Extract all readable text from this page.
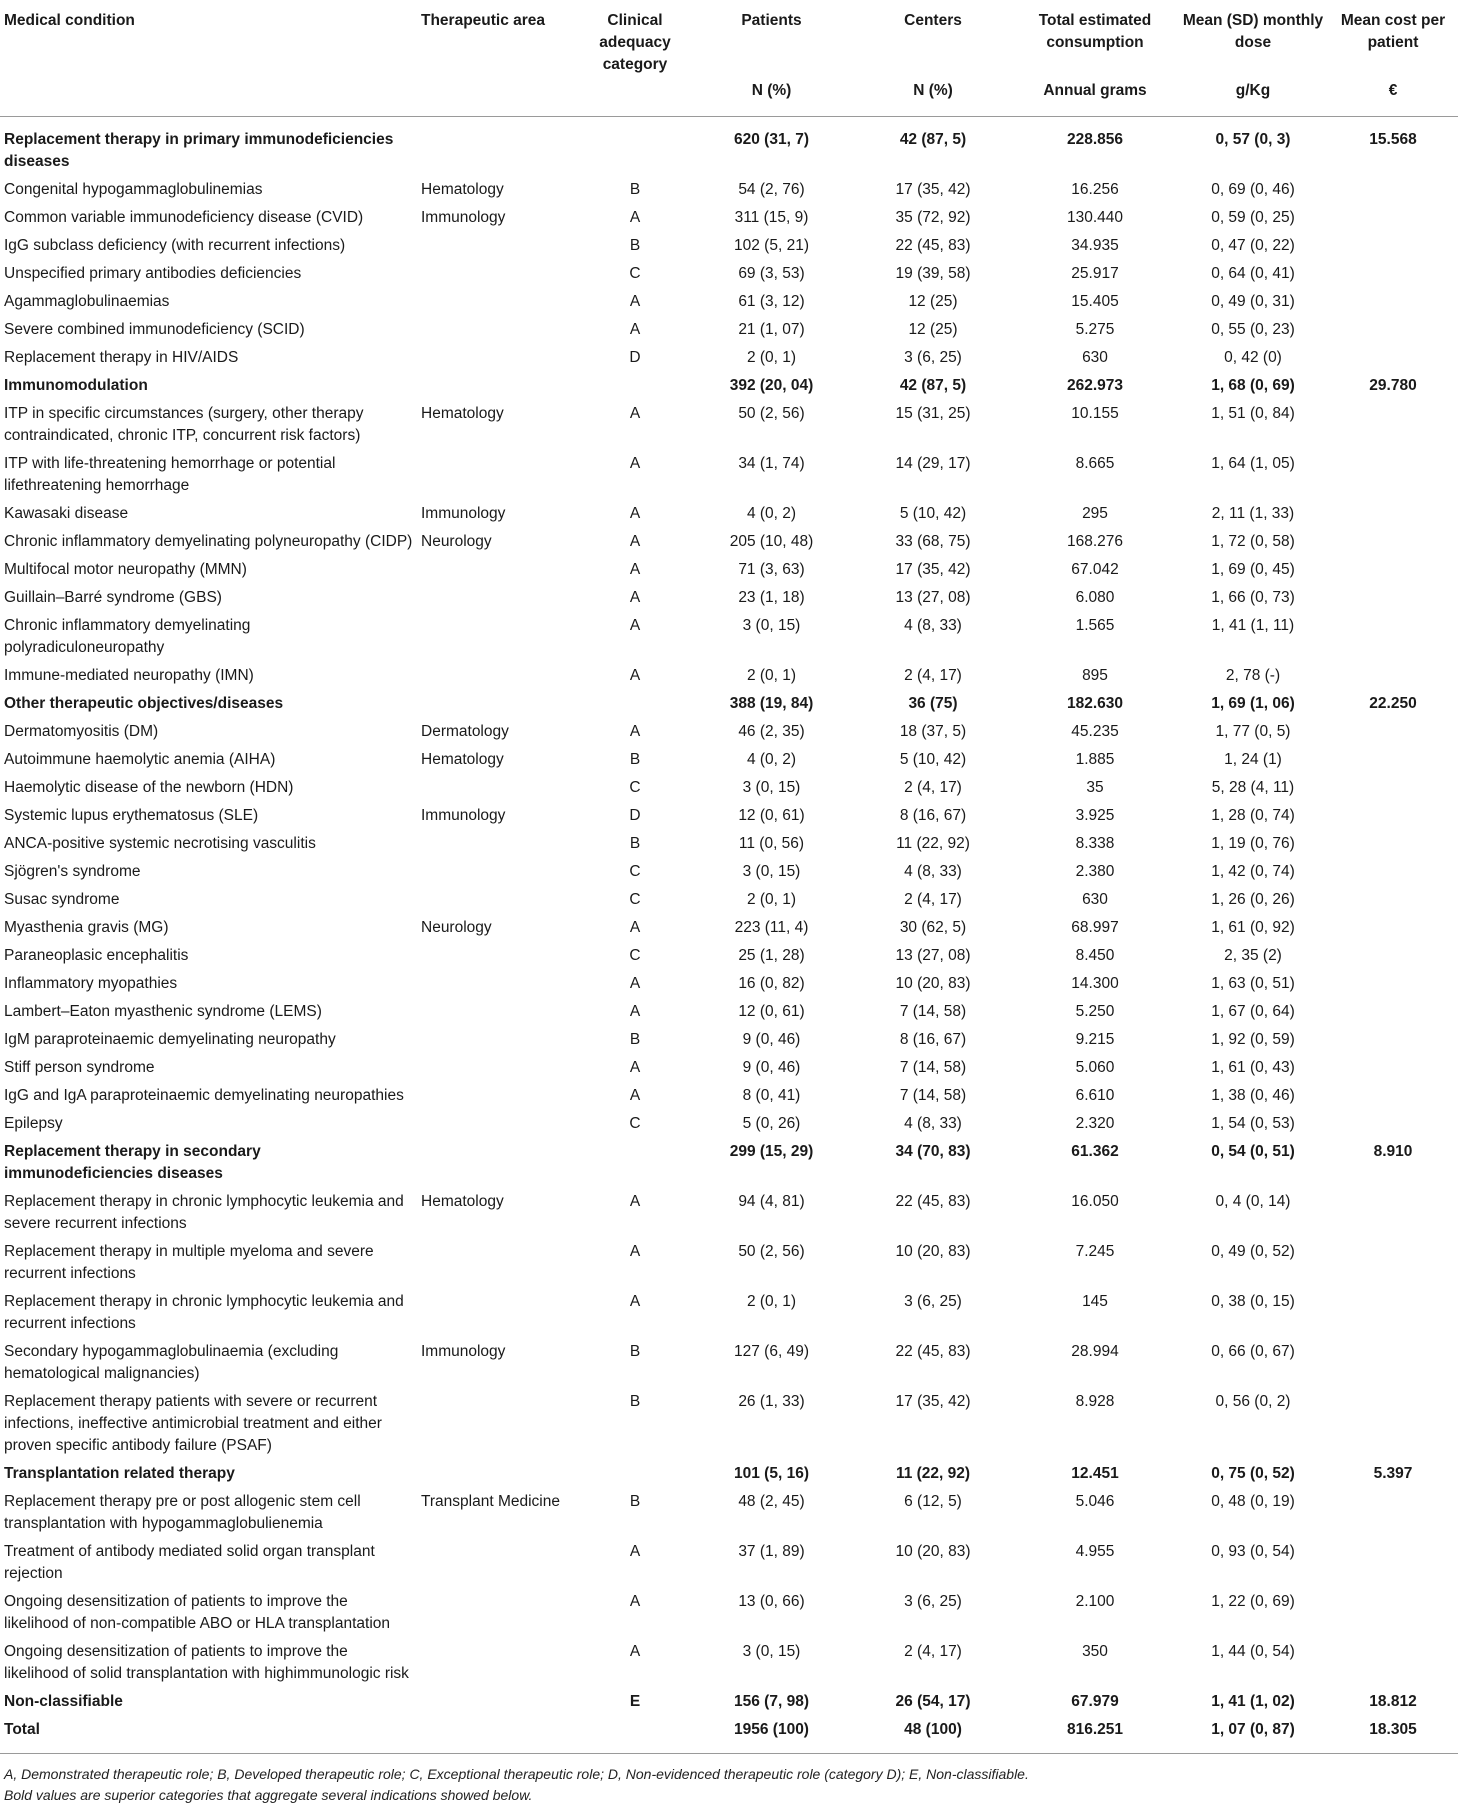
Medical condition	Therapeutic area	Clinical adequacy category	Patients	Centers	Total estimated consumption	Mean (SD) monthly dose	Mean cost per patient
			N (%)	N (%)	Annual grams	g/Kg	€
Replacement therapy in primary immunodeficiencies diseases			620 (31, 7)	42 (87, 5)	228.856	0, 57 (0, 3)	15.568
Congenital hypogammaglobulinemias	Hematology	B	54 (2, 76)	17 (35, 42)	16.256	0, 69 (0, 46)	
Common variable immunodeficiency disease (CVID)	Immunology	A	311 (15, 9)	35 (72, 92)	130.440	0, 59 (0, 25)	
IgG subclass deficiency (with recurrent infections)		B	102 (5, 21)	22 (45, 83)	34.935	0, 47 (0, 22)	
Unspecified primary antibodies deficiencies		C	69 (3, 53)	19 (39, 58)	25.917	0, 64 (0, 41)	
Agammaglobulinaemias		A	61 (3, 12)	12 (25)	15.405	0, 49 (0, 31)	
Severe combined immunodeficiency (SCID)		A	21 (1, 07)	12 (25)	5.275	0, 55 (0, 23)	
Replacement therapy in HIV/AIDS		D	2 (0, 1)	3 (6, 25)	630	0, 42 (0)	
Immunomodulation			392 (20, 04)	42 (87, 5)	262.973	1, 68 (0, 69)	29.780
ITP in specific circumstances (surgery, other therapy contraindicated, chronic ITP, concurrent risk factors)	Hematology	A	50 (2, 56)	15 (31, 25)	10.155	1, 51 (0, 84)	
ITP with life-threatening hemorrhage or potential lifethreatening hemorrhage		A	34 (1, 74)	14 (29, 17)	8.665	1, 64 (1, 05)	
Kawasaki disease	Immunology	A	4 (0, 2)	5 (10, 42)	295	2, 11 (1, 33)	
Chronic inflammatory demyelinating polyneuropathy (CIDP)	Neurology	A	205 (10, 48)	33 (68, 75)	168.276	1, 72 (0, 58)	
Multifocal motor neuropathy (MMN)		A	71 (3, 63)	17 (35, 42)	67.042	1, 69 (0, 45)	
Guillain–Barré syndrome (GBS)		A	23 (1, 18)	13 (27, 08)	6.080	1, 66 (0, 73)	
Chronic inflammatory demyelinating polyradiculoneuropathy		A	3 (0, 15)	4 (8, 33)	1.565	1, 41 (1, 11)	
Immune-mediated neuropathy (IMN)		A	2 (0, 1)	2 (4, 17)	895	2, 78 (-)	
Other therapeutic objectives/diseases			388 (19, 84)	36 (75)	182.630	1, 69 (1, 06)	22.250
Dermatomyositis (DM)	Dermatology	A	46 (2, 35)	18 (37, 5)	45.235	1, 77 (0, 5)	
Autoimmune haemolytic anemia (AIHA)	Hematology	B	4 (0, 2)	5 (10, 42)	1.885	1, 24 (1)	
Haemolytic disease of the newborn (HDN)		C	3 (0, 15)	2 (4, 17)	35	5, 28 (4, 11)	
Systemic lupus erythematosus (SLE)	Immunology	D	12 (0, 61)	8 (16, 67)	3.925	1, 28 (0, 74)	
ANCA-positive systemic necrotising vasculitis		B	11 (0, 56)	11 (22, 92)	8.338	1, 19 (0, 76)	
Sjögren's syndrome		C	3 (0, 15)	4 (8, 33)	2.380	1, 42 (0, 74)	
Susac syndrome		C	2 (0, 1)	2 (4, 17)	630	1, 26 (0, 26)	
Myasthenia gravis (MG)	Neurology	A	223 (11, 4)	30 (62, 5)	68.997	1, 61 (0, 92)	
Paraneoplasic encephalitis		C	25 (1, 28)	13 (27, 08)	8.450	2, 35 (2)	
Inflammatory myopathies		A	16 (0, 82)	10 (20, 83)	14.300	1, 63 (0, 51)	
Lambert–Eaton myasthenic syndrome (LEMS)		A	12 (0, 61)	7 (14, 58)	5.250	1, 67 (0, 64)	
IgM paraproteinaemic demyelinating neuropathy		B	9 (0, 46)	8 (16, 67)	9.215	1, 92 (0, 59)	
Stiff person syndrome		A	9 (0, 46)	7 (14, 58)	5.060	1, 61 (0, 43)	
IgG and IgA paraproteinaemic demyelinating neuropathies		A	8 (0, 41)	7 (14, 58)	6.610	1, 38 (0, 46)	
Epilepsy		C	5 (0, 26)	4 (8, 33)	2.320	1, 54 (0, 53)	
Replacement therapy in secondary immunodeficiencies diseases			299 (15, 29)	34 (70, 83)	61.362	0, 54 (0, 51)	8.910
Replacement therapy in chronic lymphocytic leukemia and severe recurrent infections	Hematology	A	94 (4, 81)	22 (45, 83)	16.050	0, 4 (0, 14)	
Replacement therapy in multiple myeloma and severe recurrent infections		A	50 (2, 56)	10 (20, 83)	7.245	0, 49 (0, 52)	
Replacement therapy in chronic lymphocytic leukemia and recurrent infections		A	2 (0, 1)	3 (6, 25)	145	0, 38 (0, 15)	
Secondary hypogammaglobulinaemia (excluding hematological malignancies)	Immunology	B	127 (6, 49)	22 (45, 83)	28.994	0, 66 (0, 67)	
Replacement therapy patients with severe or recurrent infections, ineffective antimicrobial treatment and either proven specific antibody failure (PSAF)		B	26 (1, 33)	17 (35, 42)	8.928	0, 56 (0, 2)	
Transplantation related therapy			101 (5, 16)	11 (22, 92)	12.451	0, 75 (0, 52)	5.397
Replacement therapy pre or post allogenic stem cell transplantation with hypogammaglobulienemia	Transplant Medicine	B	48 (2, 45)	6 (12, 5)	5.046	0, 48 (0, 19)	
Treatment of antibody mediated solid organ transplant rejection		A	37 (1, 89)	10 (20, 83)	4.955	0, 93 (0, 54)	
Ongoing desensitization of patients to improve the likelihood of non-compatible ABO or HLA transplantation		A	13 (0, 66)	3 (6, 25)	2.100	1, 22 (0, 69)	
Ongoing desensitization of patients to improve the likelihood of solid transplantation with highimmunologic risk		A	3 (0, 15)	2 (4, 17)	350	1, 44 (0, 54)	
Non-classifiable		E	156 (7, 98)	26 (54, 17)	67.979	1, 41 (1, 02)	18.812
Total			1956 (100)	48 (100)	816.251	1, 07 (0, 87)	18.305
A, Demonstrated therapeutic role; B, Developed therapeutic role; C, Exceptional therapeutic role; D, Non-evidenced therapeutic role (category D); E, Non-classifiable.
Bold values are superior categories that aggregate several indications showed below.
